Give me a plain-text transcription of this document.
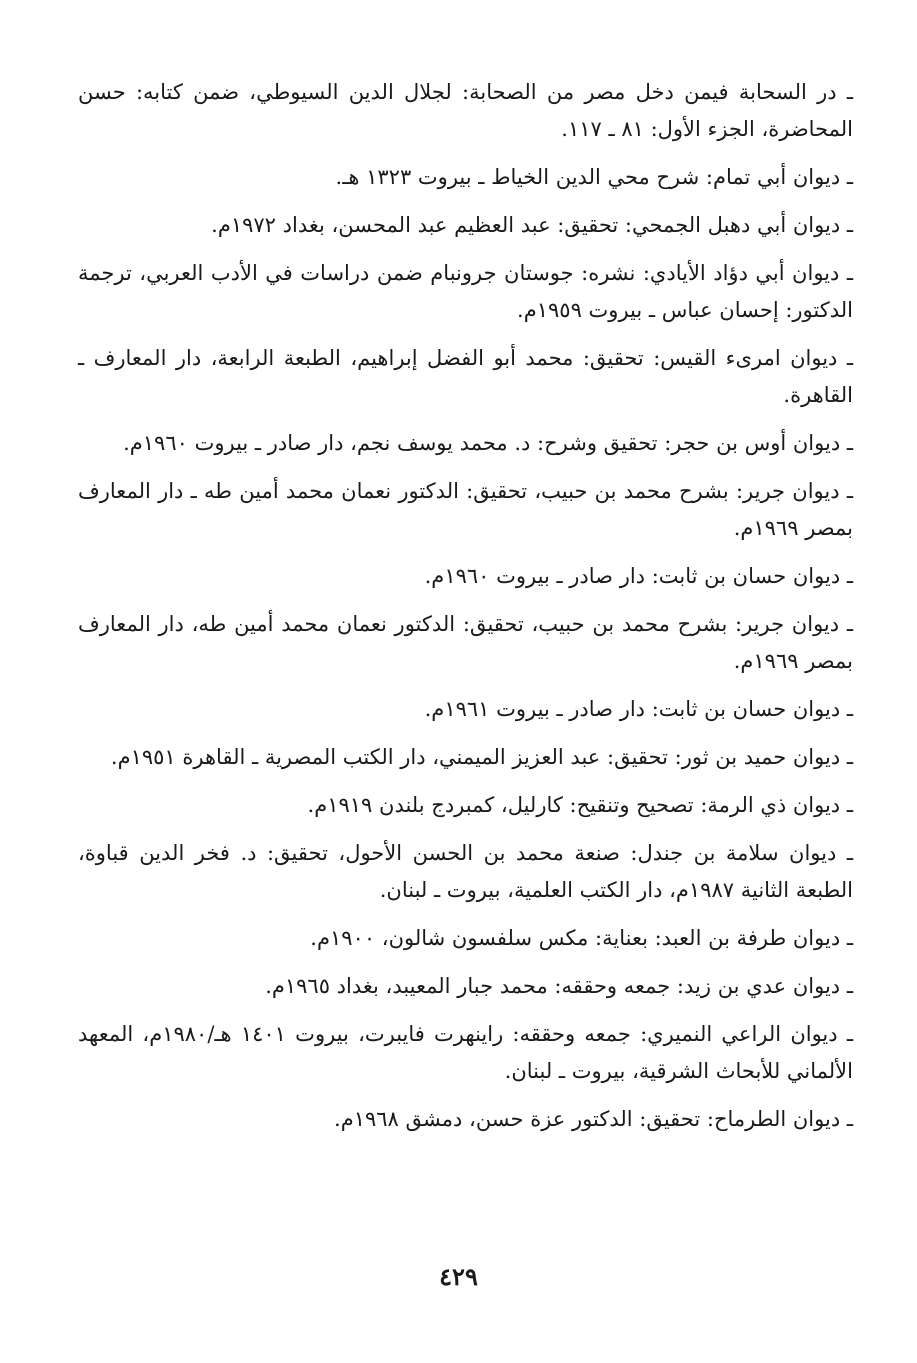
ـ در السحابة فيمن دخل مصر من الصحابة: لجلال الدين السيوطي، ضمن كتابه: حسن المحاضرة، الجزء الأول: ٨١ ـ ١١٧.

ـ ديوان أبي تمام: شرح محي الدين الخياط ـ بيروت ١٣٢٣ هـ.

ـ ديوان أبي دهبل الجمحي: تحقيق: عبد العظيم عبد المحسن، بغداد ١٩٧٢م.

ـ ديوان أبي دؤاد الأيادي: نشره: جوستان جرونبام ضمن دراسات في الأدب العربي، ترجمة الدكتور: إحسان عباس ـ بيروت ١٩٥٩م.

ـ ديوان امرىء القيس: تحقيق: محمد أبو الفضل إبراهيم، الطبعة الرابعة، دار المعارف ـ القاهرة.

ـ ديوان أوس بن حجر: تحقيق وشرح: د. محمد يوسف نجم، دار صادر ـ بيروت ١٩٦٠م.

ـ ديوان جرير: بشرح محمد بن حبيب، تحقيق: الدكتور نعمان محمد أمين طه ـ دار المعارف بمصر ١٩٦٩م.

ـ ديوان حسان بن ثابت: دار صادر ـ بيروت ١٩٦٠م.

ـ ديوان جرير: بشرح محمد بن حبيب، تحقيق: الدكتور نعمان محمد أمين طه، دار المعارف بمصر ١٩٦٩م.

ـ ديوان حسان بن ثابت: دار صادر ـ بيروت ١٩٦١م.

ـ ديوان حميد بن ثور: تحقيق: عبد العزيز الميمني، دار الكتب المصرية ـ القاهرة ١٩٥١م.

ـ ديوان ذي الرمة: تصحيح وتنقيح: كارليل، كمبردج بلندن ١٩١٩م.

ـ ديوان سلامة بن جندل: صنعة محمد بن الحسن الأحول، تحقيق: د. فخر الدين قباوة، الطبعة الثانية ١٩٨٧م، دار الكتب العلمية، بيروت ـ لبنان.

ـ ديوان طرفة بن العبد: بعناية: مكس سلفسون شالون، ١٩٠٠م.

ـ ديوان عدي بن زيد: جمعه وحققه: محمد جبار المعيبد، بغداد ١٩٦٥م.

ـ ديوان الراعي النميري: جمعه وحققه: راينهرت فايبرت، بيروت ١٤٠١ هـ/١٩٨٠م، المعهد الألماني للأبحاث الشرقية، بيروت ـ لبنان.

ـ ديوان الطرماح: تحقيق: الدكتور عزة حسن، دمشق ١٩٦٨م.

٤٢٩
